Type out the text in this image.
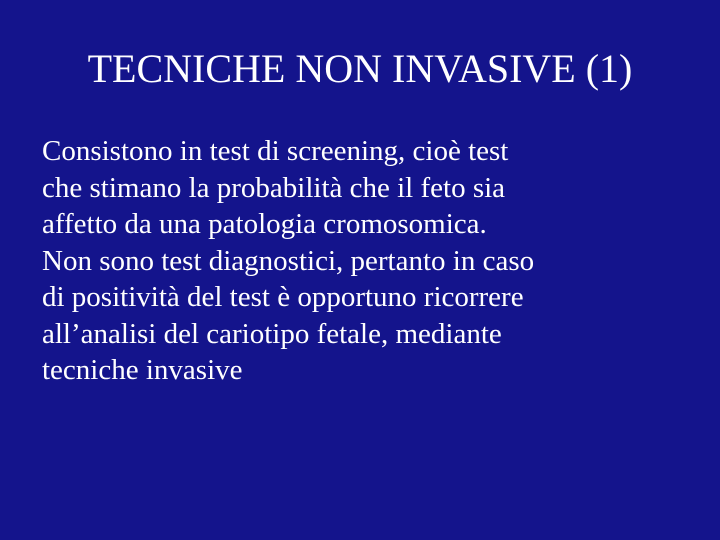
TECNICHE NON INVASIVE (1)
Consistono in test di screening, cioè test
che stimano la probabilità che il feto sia
affetto da una patologia cromosomica.
Non sono test diagnostici, pertanto in caso
di positività del test è opportuno ricorrere
all’analisi del cariotipo fetale, mediante
tecniche invasive
